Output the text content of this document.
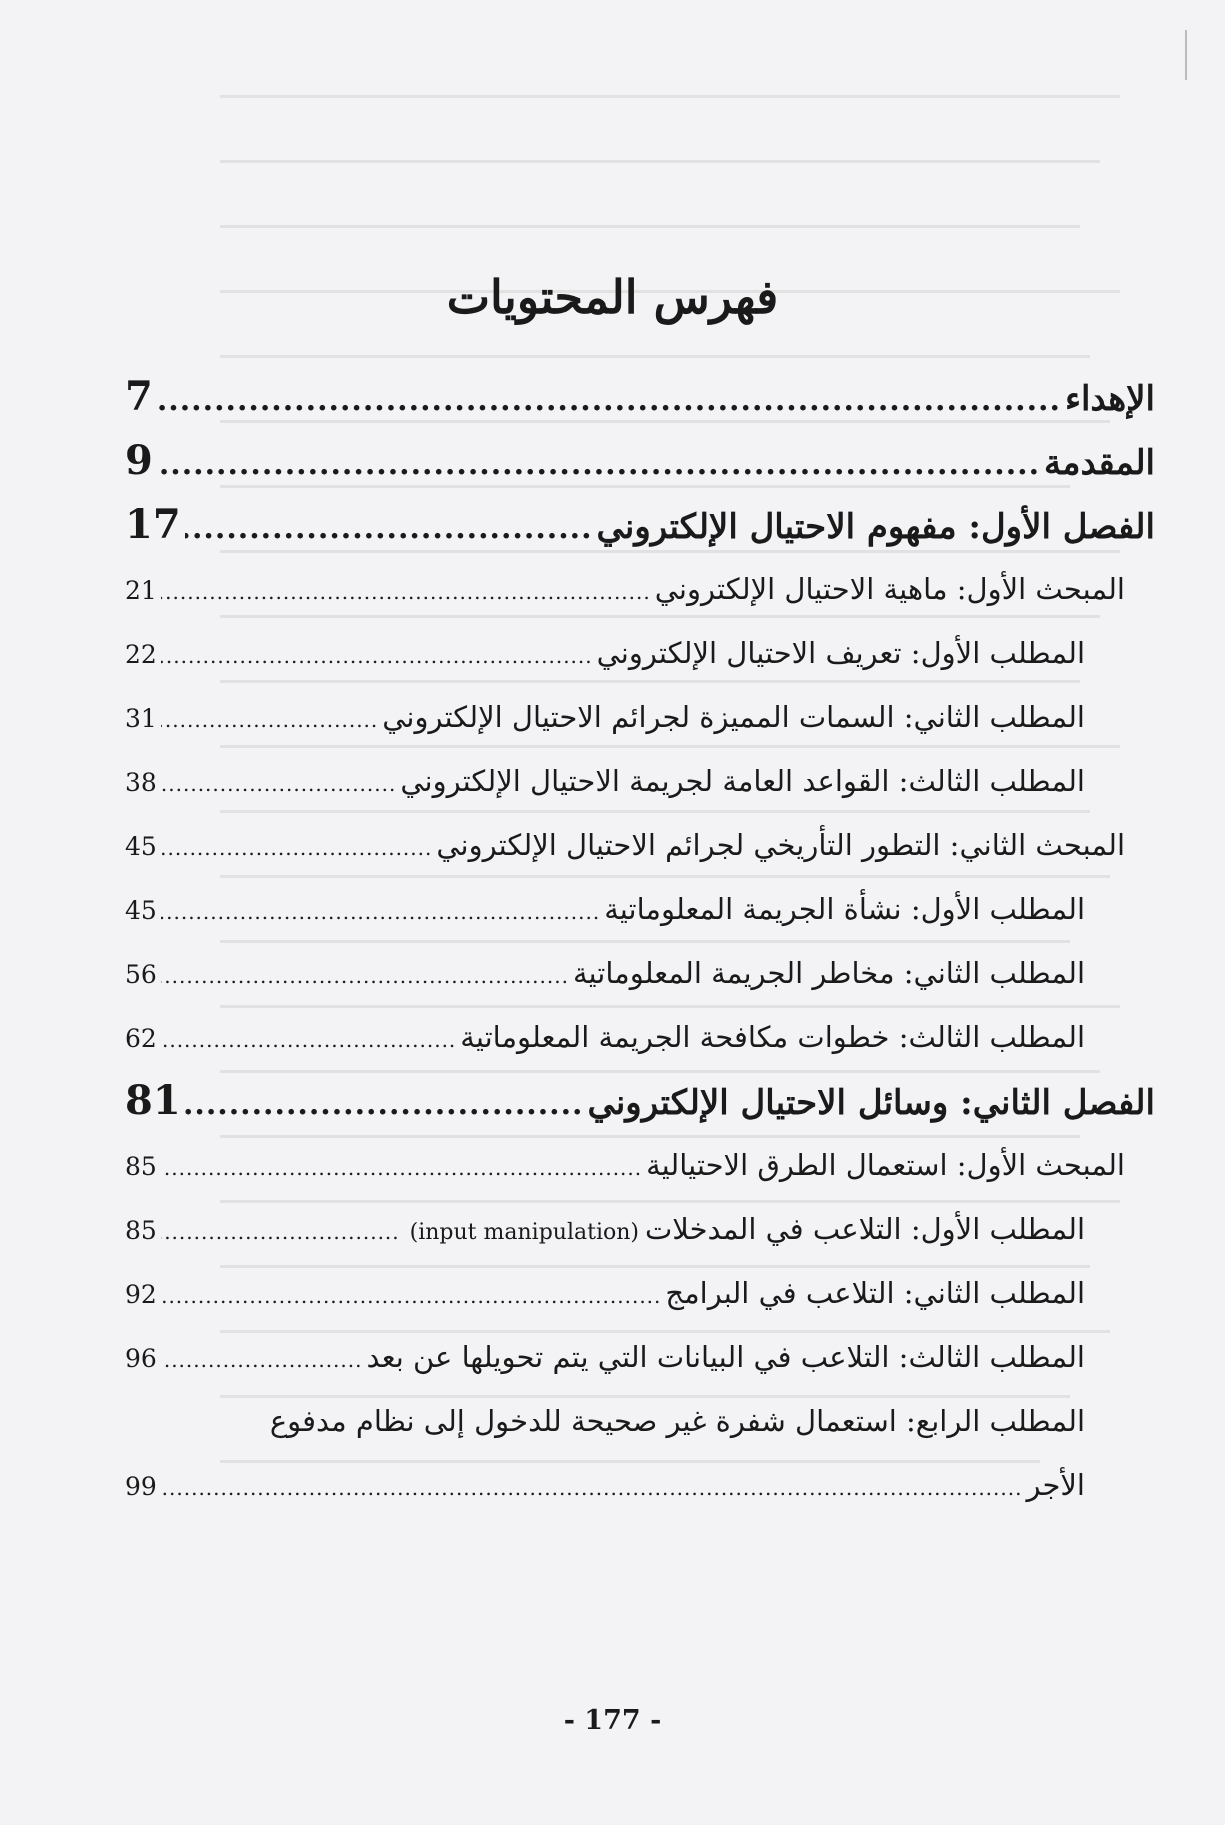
فهرس المحتويات
الإهداء
.....
7
المقدمة
.....
9
الفصل الأول: مفهوم الاحتيال الإلكتروني
.....
17
المبحث الأول: ماهية الاحتيال الإلكتروني
.....
21
المطلب الأول: تعريف الاحتيال الإلكتروني
.....
22
المطلب الثاني: السمات المميزة لجرائم الاحتيال الإلكتروني
.....
31
المطلب الثالث: القواعد العامة لجريمة الاحتيال الإلكتروني
.....
38
المبحث الثاني: التطور التأريخي لجرائم الاحتيال الإلكتروني
.....
45
المطلب الأول: نشأة الجريمة المعلوماتية
.....
45
المطلب الثاني: مخاطر الجريمة المعلوماتية
.....
56
المطلب الثالث: خطوات مكافحة الجريمة المعلوماتية
.....
62
الفصل الثاني: وسائل الاحتيال الإلكتروني
.....
81
المبحث الأول: استعمال الطرق الاحتيالية
.....
85
المطلب الأول: التلاعب في المدخلات
(input manipulation)
.....
85
المطلب الثاني: التلاعب في البرامج
.....
92
المطلب الثالث: التلاعب في البيانات التي يتم تحويلها عن بعد
.....
96
المطلب الرابع: استعمال شفرة غير صحيحة للدخول إلى نظام مدفوع
الأجر
.....
99
- 177 -
